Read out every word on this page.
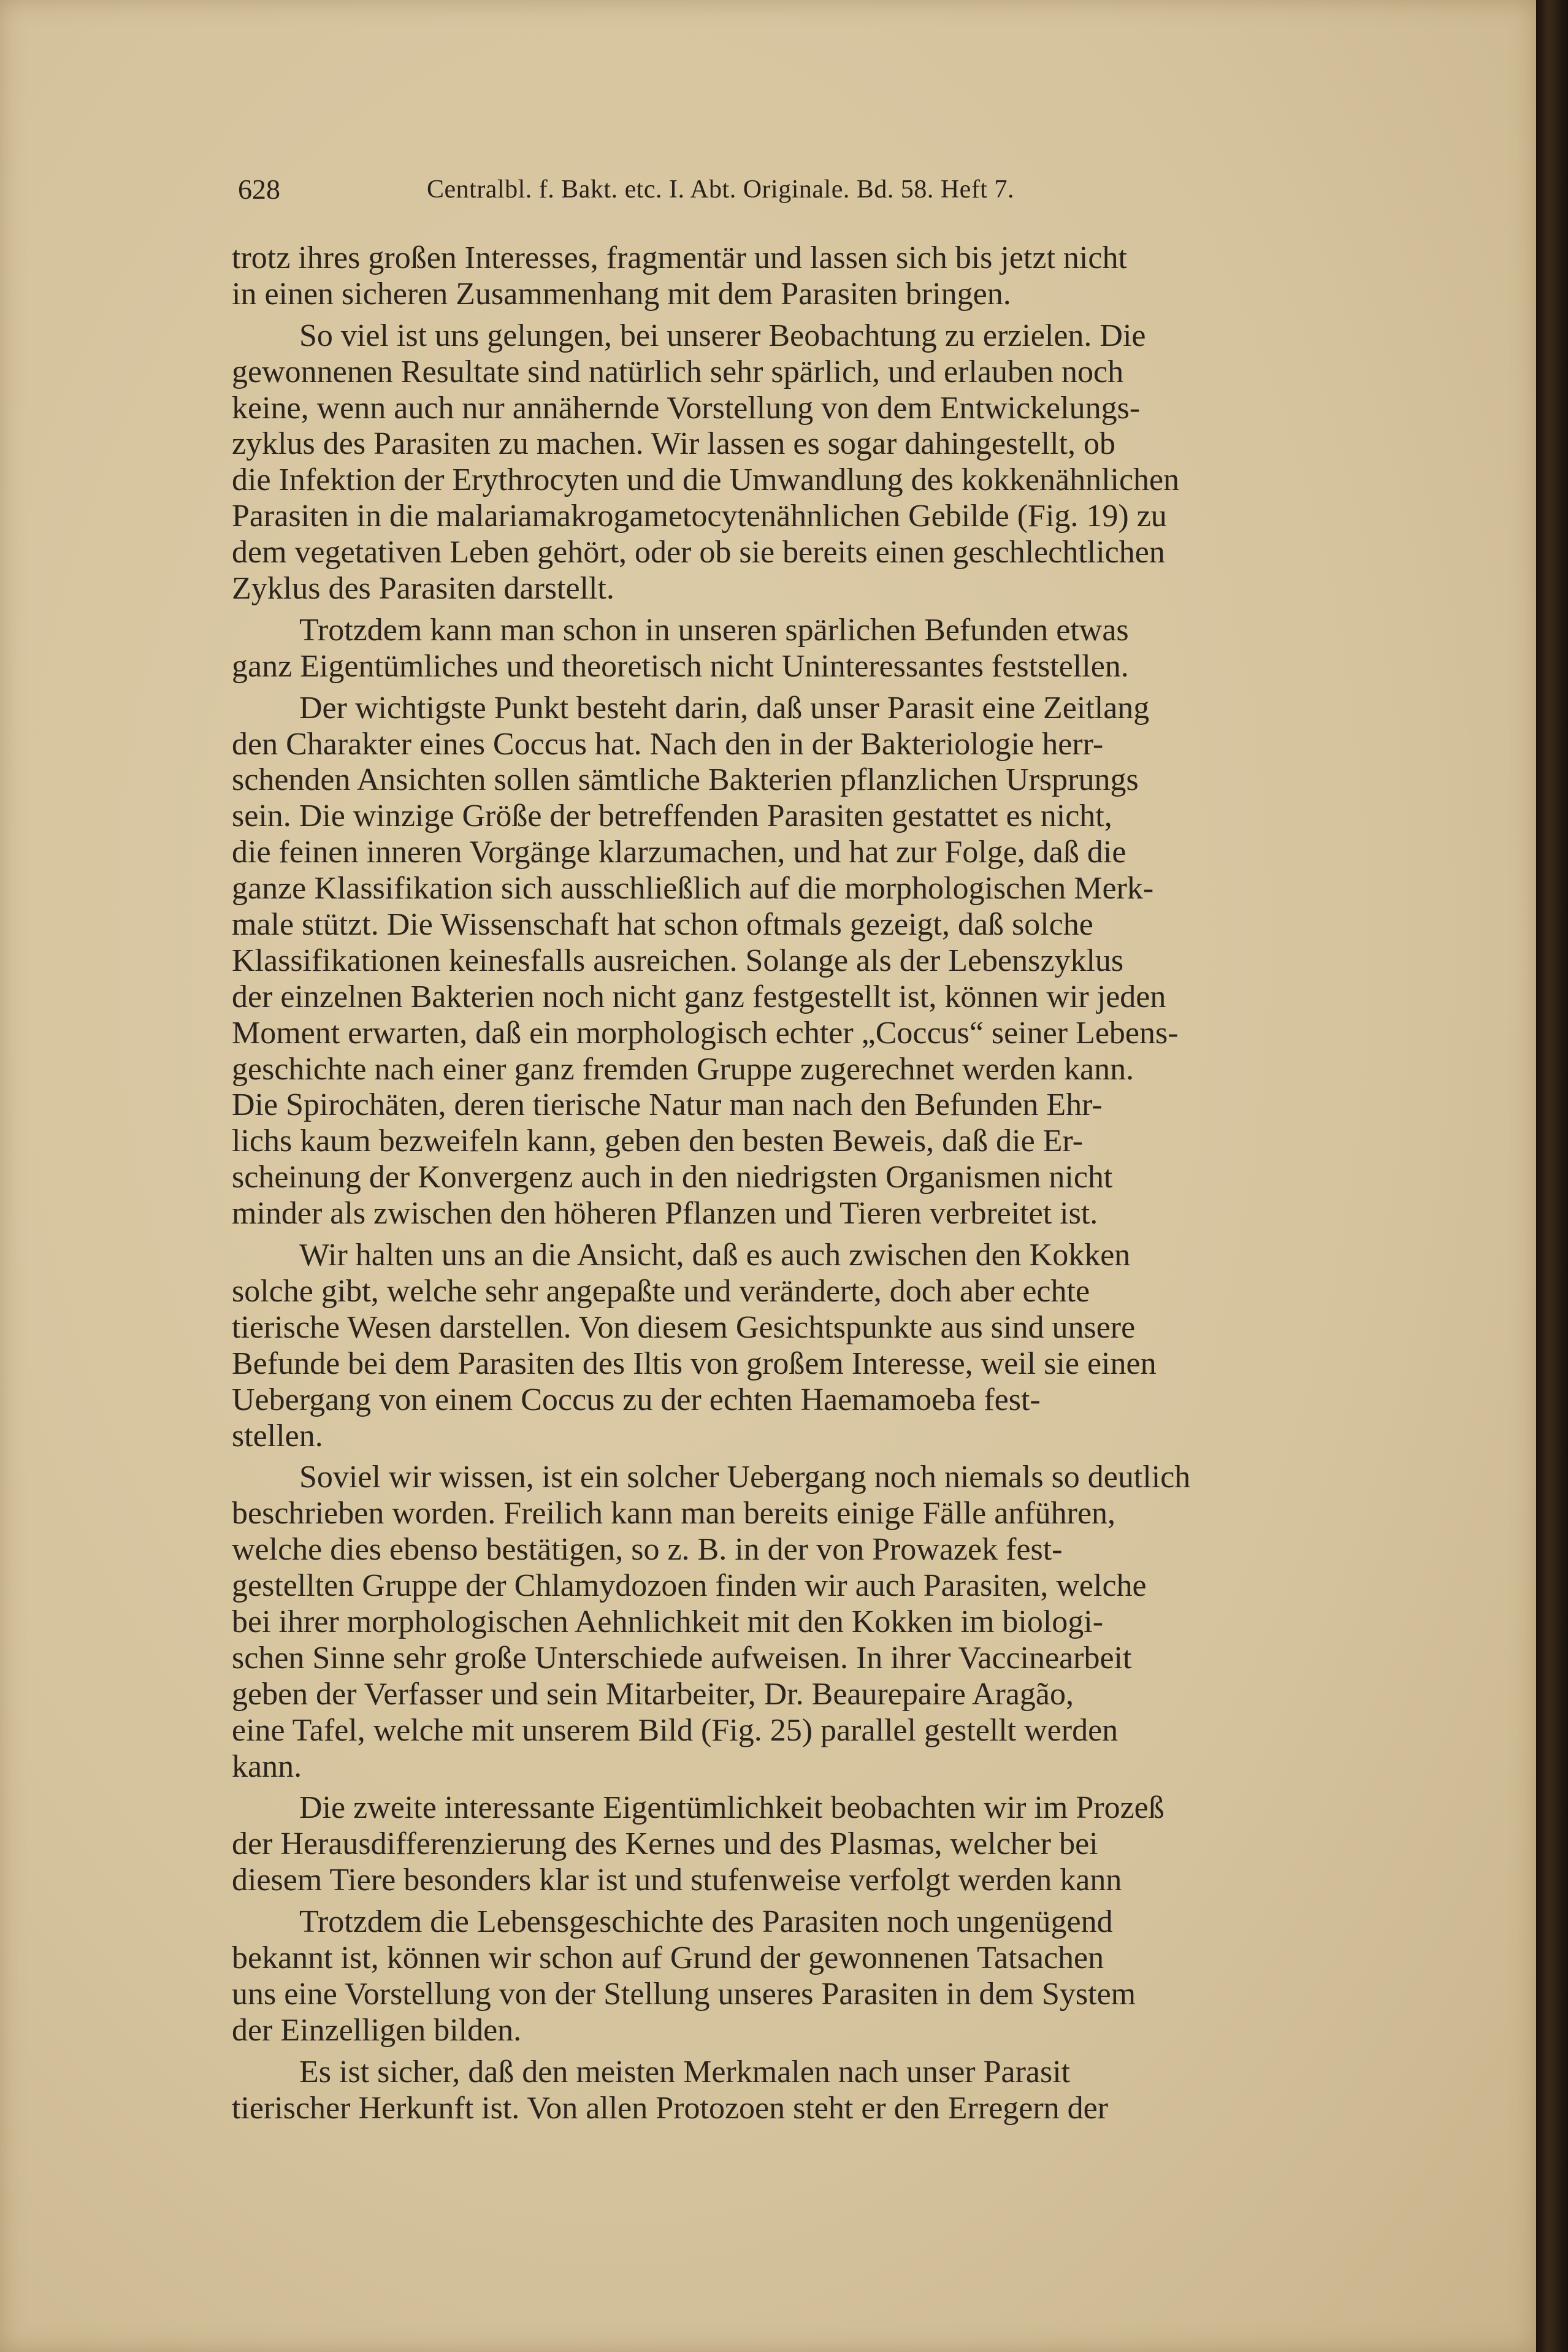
628	Centralbl. f. Bakt. etc. I. Abt. Originale. Bd. 58. Heft 7.
trotz ihres großen Interesses, fragmentär und lassen sich bis jetzt nicht
in einen sicheren Zusammenhang mit dem Parasiten bringen.
So viel ist uns gelungen, bei unserer Beobachtung zu erzielen. Die
gewonnenen Resultate sind natürlich sehr spärlich, und erlauben noch
keine, wenn auch nur annähernde Vorstellung von dem Entwickelungs-
zyklus des Parasiten zu machen. Wir lassen es sogar dahingestellt, ob
die Infektion der Erythrocyten und die Umwandlung des kokkenähnlichen
Parasiten in die malariamakrogametocytenähnlichen Gebilde (Fig. 19) zu
dem vegetativen Leben gehört, oder ob sie bereits einen geschlechtlichen
Zyklus des Parasiten darstellt.
Trotzdem kann man schon in unseren spärlichen Befunden etwas
ganz Eigentümliches und theoretisch nicht Uninteressantes feststellen.
Der wichtigste Punkt besteht darin, daß unser Parasit eine Zeitlang
den Charakter eines Coccus hat. Nach den in der Bakteriologie herr-
schenden Ansichten sollen sämtliche Bakterien pflanzlichen Ursprungs
sein. Die winzige Größe der betreffenden Parasiten gestattet es nicht,
die feinen inneren Vorgänge klarzumachen, und hat zur Folge, daß die
ganze Klassifikation sich ausschließlich auf die morphologischen Merk-
male stützt. Die Wissenschaft hat schon oftmals gezeigt, daß solche
Klassifikationen keinesfalls ausreichen. Solange als der Lebenszyklus
der einzelnen Bakterien noch nicht ganz festgestellt ist, können wir jeden
Moment erwarten, daß ein morphologisch echter „Coccus“ seiner Lebens-
geschichte nach einer ganz fremden Gruppe zugerechnet werden kann.
Die Spirochäten, deren tierische Natur man nach den Befunden Ehr-
lichs kaum bezweifeln kann, geben den besten Beweis, daß die Er-
scheinung der Konvergenz auch in den niedrigsten Organismen nicht
minder als zwischen den höheren Pflanzen und Tieren verbreitet ist.
Wir halten uns an die Ansicht, daß es auch zwischen den Kokken
solche gibt, welche sehr angepaßte und veränderte, doch aber echte
tierische Wesen darstellen. Von diesem Gesichtspunkte aus sind unsere
Befunde bei dem Parasiten des Iltis von großem Interesse, weil sie einen
Uebergang von einem Coccus zu der echten Haemamoeba fest-
stellen.
Soviel wir wissen, ist ein solcher Uebergang noch niemals so deutlich
beschrieben worden. Freilich kann man bereits einige Fälle anführen,
welche dies ebenso bestätigen, so z. B. in der von Prowazek fest-
gestellten Gruppe der Chlamydozoen finden wir auch Parasiten, welche
bei ihrer morphologischen Aehnlichkeit mit den Kokken im biologi-
schen Sinne sehr große Unterschiede aufweisen. In ihrer Vaccinearbeit
geben der Verfasser und sein Mitarbeiter, Dr. Beaurepaire Aragão,
eine Tafel, welche mit unserem Bild (Fig. 25) parallel gestellt werden
kann.
Die zweite interessante Eigentümlichkeit beobachten wir im Prozeß
der Herausdifferenzierung des Kernes und des Plasmas, welcher bei
diesem Tiere besonders klar ist und stufenweise verfolgt werden kann
Trotzdem die Lebensgeschichte des Parasiten noch ungenügend
bekannt ist, können wir schon auf Grund der gewonnenen Tatsachen
uns eine Vorstellung von der Stellung unseres Parasiten in dem System
der Einzelligen bilden.
Es ist sicher, daß den meisten Merkmalen nach unser Parasit
tierischer Herkunft ist. Von allen Protozoen steht er den Erregern der
